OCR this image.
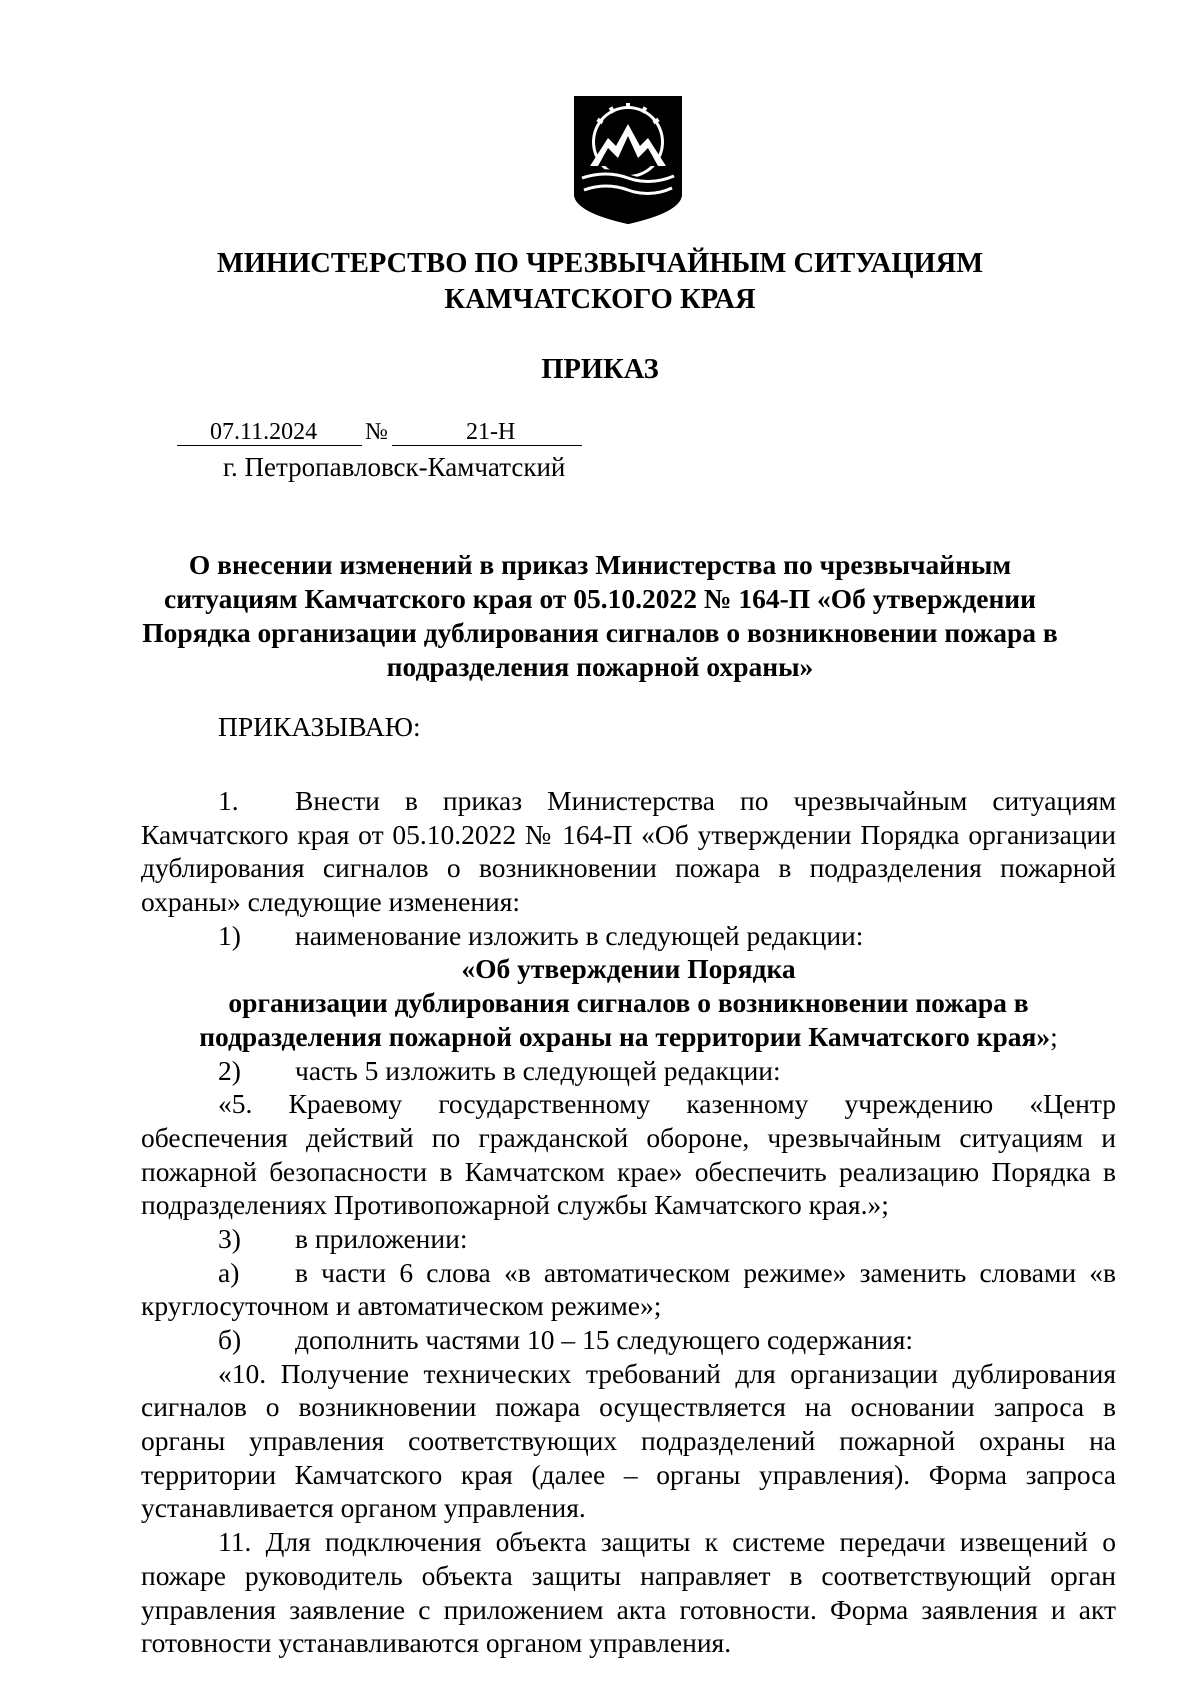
МИНИСТЕРСТВО ПО ЧРЕЗВЫЧАЙНЫМ СИТУАЦИЯМ
КАМЧАТСКОГО КРАЯ
ПРИКАЗ
07.11.2024 №	21-Н
г. Петропавловск-Камчатский
О внесении изменений в приказ Министерства по чрезвычайным
ситуациям Камчатского края от 05.10.2022 № 164-П «Об утверждении
Порядка организации дублирования сигналов о возникновении пожара в
подразделения пожарной охраны»
ПРИКАЗЫВАЮ:
1. Внести в приказ Министерства по чрезвычайным ситуациям
Камчатского края от 05.10.2022 № 164-П «Об утверждении Порядка организации
дублирования сигналов о возникновении пожара в подразделения пожарной
охраны» следующие изменения:
1) наименование изложить в следующей редакции:
«Об утверждении Порядка
организации дублирования сигналов о возникновении пожара в
подразделения пожарной охраны на территории Камчатского края»;
2) часть 5 изложить в следующей редакции:
«5. Краевому государственному казенному учреждению «Центр
обеспечения действий по гражданской обороне, чрезвычайным ситуациям и
пожарной безопасности в Камчатском крае» обеспечить реализацию Порядка в
подразделениях Противопожарной службы Камчатского края.»;
3) в приложении:
а) в части 6 слова «в автоматическом режиме» заменить словами «в
круглосуточном и автоматическом режиме»;
б) дополнить частями 10 – 15 следующего содержания:
«10. Получение технических требований для организации дублирования
сигналов о возникновении пожара осуществляется на основании запроса в
органы управления соответствующих подразделений пожарной охраны на
территории Камчатского края (далее – органы управления). Форма запроса
устанавливается органом управления.
11. Для подключения объекта защиты к системе передачи извещений о
пожаре руководитель объекта защиты направляет в соответствующий орган
управления заявление с приложением акта готовности. Форма заявления и акт
готовности устанавливаются органом управления.
